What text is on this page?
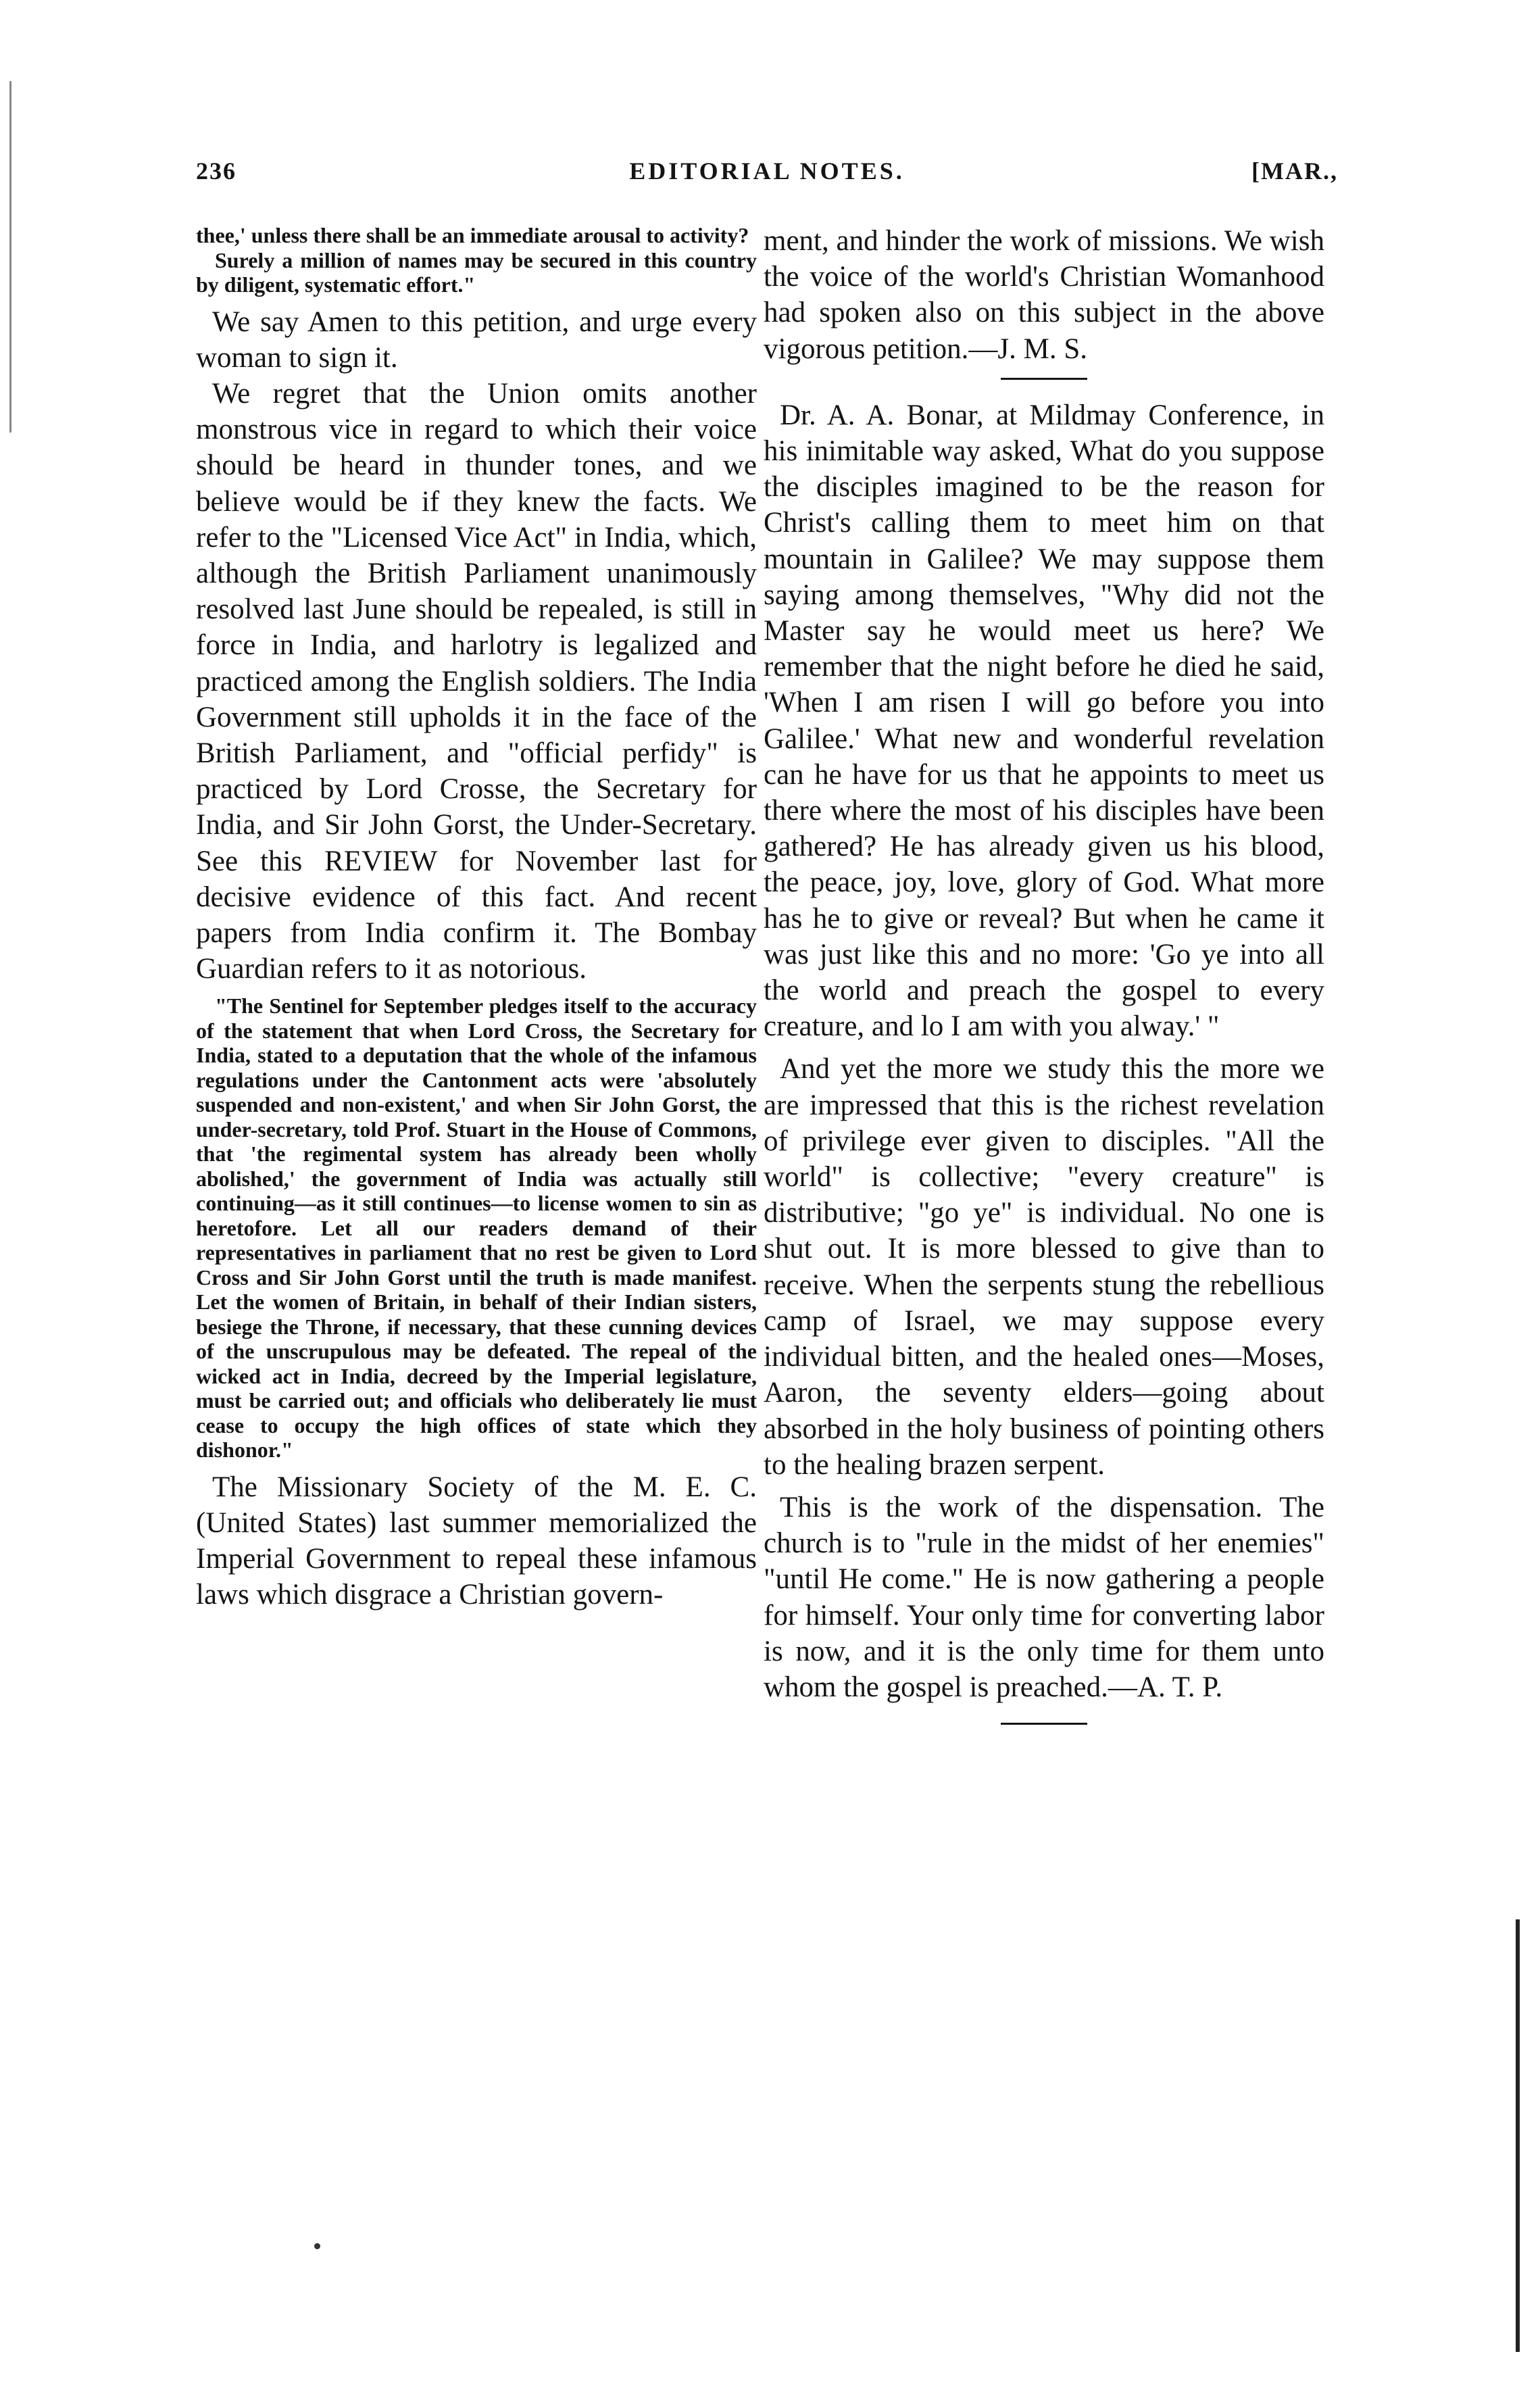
236	EDITORIAL NOTES.	[MAR.,

thee,' unless there shall be an immediate arousal to activity?

Surely a million of names may be secured in this country by diligent, systematic effort."

We say Amen to this petition, and urge every woman to sign it.

We regret that the Union omits another monstrous vice in regard to which their voice should be heard in thunder tones, and we believe would be if they knew the facts. We refer to the "Licensed Vice Act" in India, which, although the British Parliament unanimously resolved last June should be repealed, is still in force in India, and harlotry is legalized and practiced among the English soldiers. The India Government still upholds it in the face of the British Parliament, and "official perfidy" is practiced by Lord Crosse, the Secretary for India, and Sir John Gorst, the Under-Secretary. See this REVIEW for November last for decisive evidence of this fact. And recent papers from India confirm it. The Bombay Guardian refers to it as notorious.

"The Sentinel for September pledges itself to the accuracy of the statement that when Lord Cross, the Secretary for India, stated to a deputation that the whole of the infamous regulations under the Cantonment acts were 'absolutely suspended and non-existent,' and when Sir John Gorst, the under-secretary, told Prof. Stuart in the House of Commons, that 'the regimental system has already been wholly abolished,' the government of India was actually still continuing—as it still continues—to license women to sin as heretofore. Let all our readers demand of their representatives in parliament that no rest be given to Lord Cross and Sir John Gorst until the truth is made manifest. Let the women of Britain, in behalf of their Indian sisters, besiege the Throne, if necessary, that these cunning devices of the unscrupulous may be defeated. The repeal of the wicked act in India, decreed by the Imperial legislature, must be carried out; and officials who deliberately lie must cease to occupy the high offices of state which they dishonor."

The Missionary Society of the M. E. C. (United States) last summer memorialized the Imperial Government to repeal these infamous laws which disgrace a Christian govern-

ment, and hinder the work of missions. We wish the voice of the world's Christian Womanhood had spoken also on this subject in the above vigorous petition.—J. M. S.

Dr. A. A. Bonar, at Mildmay Conference, in his inimitable way asked, What do you suppose the disciples imagined to be the reason for Christ's calling them to meet him on that mountain in Galilee? We may suppose them saying among themselves, "Why did not the Master say he would meet us here? We remember that the night before he died he said, 'When I am risen I will go before you into Galilee.' What new and wonderful revelation can he have for us that he appoints to meet us there where the most of his disciples have been gathered? He has already given us his blood, the peace, joy, love, glory of God. What more has he to give or reveal? But when he came it was just like this and no more: 'Go ye into all the world and preach the gospel to every creature, and lo I am with you alway.' "

And yet the more we study this the more we are impressed that this is the richest revelation of privilege ever given to disciples. "All the world" is collective; "every creature" is distributive; "go ye" is individual. No one is shut out. It is more blessed to give than to receive. When the serpents stung the rebellious camp of Israel, we may suppose every individual bitten, and the healed ones—Moses, Aaron, the seventy elders—going about absorbed in the holy business of pointing others to the healing brazen serpent.

This is the work of the dispensation. The church is to "rule in the midst of her enemies" "until He come." He is now gathering a people for himself. Your only time for converting labor is now, and it is the only time for them unto whom the gospel is preached.—A. T. P.
